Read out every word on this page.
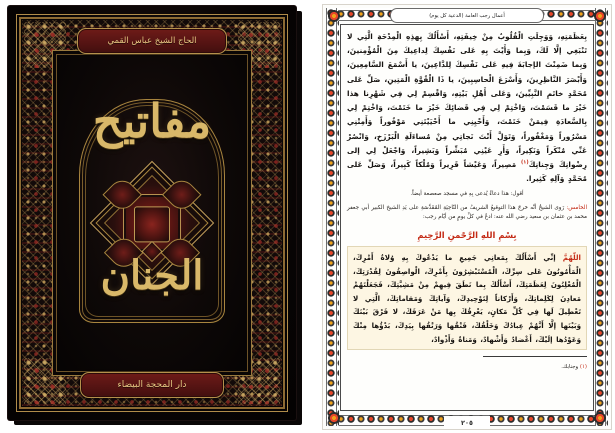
الحاج الشيخ عباس القمي
مفاتيح
الجنان
دار المحجة البيضاء
أعمال رجب العامة (الدعية كل يوم)

بِعَظَمَتِهِ، وَوَجِلَتِ الْقُلُوبُ مِنْ خِيفَتِهِ، أَسْأَلُكَ بِهذِهِ الْمِدْحَةِ الَّتِي لا تَنْبَغِي إلَّا لَكَ، وَبِما وَأَيْتَ بِهِ عَلى نَفْسِكَ لِداعِيكَ مِنَ الْمُؤْمِنينَ، وَبِما ضَمِنْتَ الإجابَةَ فِيهِ عَلى نَفْسِكَ لِلدَّاعِينَ، يا أَسْمَعَ السَّامِعِينَ، وَأَبْصَرَ النَّاظِرِينَ، وَأَسْرَعَ الْحاسِبِينَ، يا ذَا الْقُوَّةِ الْمَتِينِ، صَلِّ عَلى مُحَمَّدٍ خاتَمِ النَّبِيِّينَ، وَعَلى أَهْلِ بَيْتِهِ، وَاقْسِمْ لِي فِي شَهْرِنا هذا خَيْرَ ما قَسَمْتَ، وَاخْتِمْ لِي فِي قَضائِكَ خَيْرَ ما خَتَمْتَ، وَاخْتِمْ لِي بِالسَّعادَةِ فِيمَنْ خَتَمْتَ، وَأَحْيِنِي ما أَحْيَيْتَنِي مَوْفُوراً وَأَمِتْنِي مَسْرُوراً وَمَغْفُوراً، وَتَوَلَّ أَنْتَ نَجاتِي مِنْ مُساءَلَةِ الْبَرْزَخِ، وَانْصُرْ عَنِّي مُنْكَراً وَنَكِيراً، وَأَرِ عَيْنِي مُبَشِّراً وَبَشِيراً، وَاجْعَلْ لِي إلى رِضْوانِكَ وَجِنانِكَ$^{(١)}$ مَصِيراً، وَعَيْشاً قَرِيراً وَمُلْكاً كَبِيراً، وَصَلِّ عَلى مُحَمَّدٍ وَآلِهِ كَثِيرا.

أقول: هذا دعاءٌ يُدعى بِهِ في مسجد صعصعة أيضاً.

الخامس: رَوى الشيخُ أنَّه خرجَ هذا التوقيعُ الشريفُ من النّاحِيَةِ المُقَدَّسَةِ على يَدِ الشيخ الكبير أبي جعفر محمد بن عثمان بن سعيد رضي الله عنه: ادعُ في كلِّ يومٍ من أيّام رجب:

بِسْمِ اللهِ الرَّحْمنِ الرَّحِيمِ

اللّهُمَّ إنِّي أَسْأَلُكَ بِمَعانِي جَمِيعِ ما يَدْعُوكَ بِهِ وُلاةُ أَمْرِكَ، الْمَأْمُونُونَ عَلى سِرِّكَ، الْمُسْتَبْشِرُونَ بِأَمْرِكَ، الْواصِفُونَ لِقُدْرَتِكَ، الْمُعْلِنُونَ لِعَظَمَتِكَ، أَسْأَلُكَ بِما نَطَقَ فِيهِمْ مِنْ مَشِيَّتِكَ، فَجَعَلْتَهُمْ مَعادِنَ لِكَلِماتِكَ، وَأَرْكاناً لِتَوْحِيدِكَ، وَآياتِكَ وَمَقاماتِكَ، الَّتِي لا تَعْطِيلَ لَها فِي كُلِّ مَكانٍ، يَعْرِفُكَ بِها مَنْ عَرَفَكَ، لا فَرْقَ بَيْنَكَ وَبَيْنَها إلَّا أَنَّهُمْ عِبادُكَ وَخَلْقُكَ، فَتْقُها وَرَتْقُها بِيَدِكَ، بَدْؤُها مِنْكَ وَعَوْدُها إلَيْكَ، أَعْضادٌ وَأَشْهادٌ، وَمَناةٌ وَأَذْوادٌ،

(١) وجنابك.

٢٠٥
